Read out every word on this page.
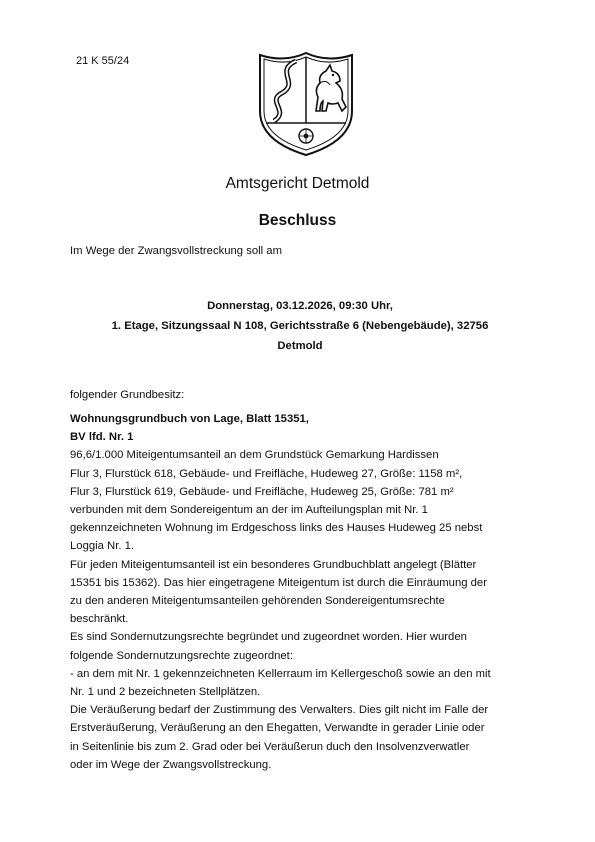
21 K 55/24
Amtsgericht Detmold
Beschluss
Im Wege der Zwangsvollstreckung soll am
Donnerstag, 03.12.2026, 09:30 Uhr,
1. Etage, Sitzungssaal N 108, Gerichtsstraße 6 (Nebengebäude), 32756
Detmold
folgender Grundbesitz:
Wohnungsgrundbuch von Lage, Blatt 15351,
BV lfd. Nr. 1
96,6/1.000 Miteigentumsanteil an dem Grundstück Gemarkung Hardissen
Flur 3, Flurstück 618, Gebäude- und Freifläche, Hudeweg 27, Größe: 1158 m²,
Flur 3, Flurstück 619, Gebäude- und Freifläche, Hudeweg 25, Größe: 781 m²
verbunden mit dem Sondereigentum an der im Aufteilungsplan mit Nr. 1
gekennzeichneten Wohnung im Erdgeschoss links des Hauses Hudeweg 25 nebst
Loggia Nr. 1.
Für jeden Miteigentumsanteil ist ein besonderes Grundbuchblatt angelegt (Blätter
15351 bis 15362). Das hier eingetragene Miteigentum ist durch die Einräumung der
zu den anderen Miteigentumsanteilen gehörenden Sondereigentumsrechte
beschränkt.
Es sind Sondernutzungsrechte begründet und zugeordnet worden. Hier wurden
folgende Sondernutzungsrechte zugeordnet:
- an dem mit Nr. 1 gekennzeichneten Kellerraum im Kellergeschoß sowie an den mit
Nr. 1 und 2 bezeichneten Stellplätzen.
Die Veräußerung bedarf der Zustimmung des Verwalters. Dies gilt nicht im Falle der
Erstveräußerung, Veräußerung an den Ehegatten, Verwandte in gerader Linie oder
in Seitenlinie bis zum 2. Grad oder bei Veräußerun duch den Insolvenzverwatler
oder im Wege der Zwangsvollstreckung.
